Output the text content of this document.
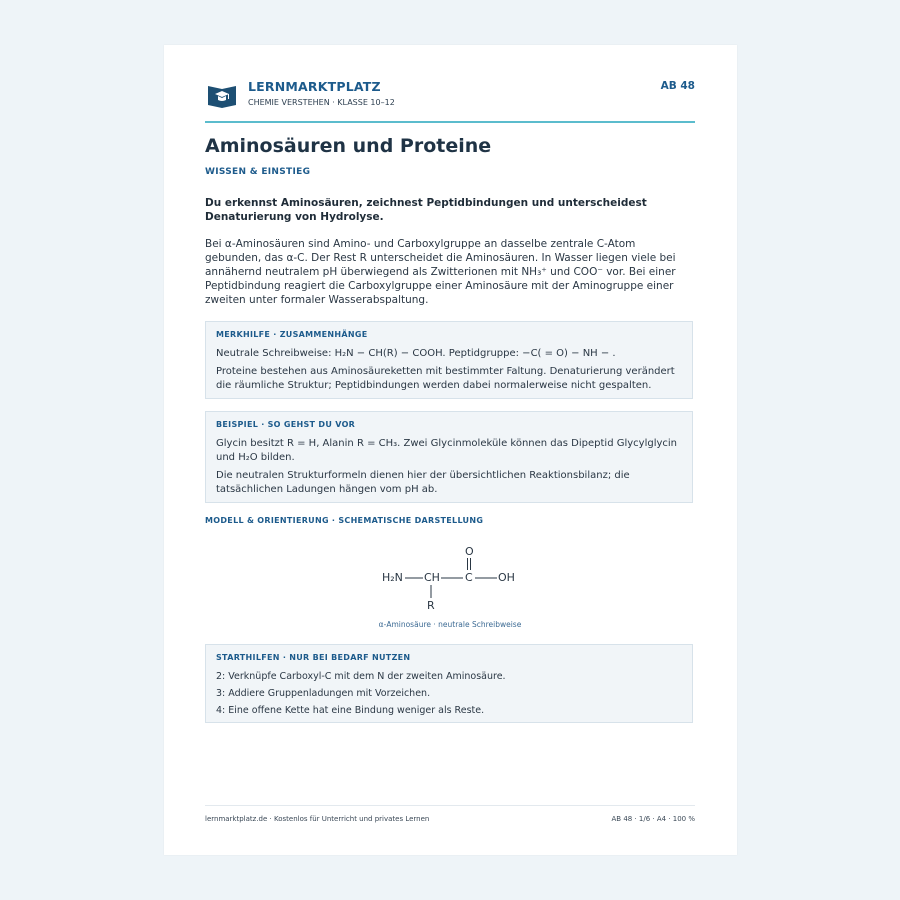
LERNMARKTPLATZ
CHEMIE VERSTEHEN · KLASSE 10–12
AB 48
Aminosäuren und Proteine
WISSEN & EINSTIEG
Du erkennst Aminosäuren, zeichnest Peptidbindungen und unterscheidest Denaturierung von Hydrolyse.
Bei α-Aminosäuren sind Amino- und Carboxylgruppe an dasselbe zentrale C-Atom gebunden, das α-C. Der Rest R unterscheidet die Aminosäuren. In Wasser liegen viele bei annähernd neutralem pH überwiegend als Zwitterionen mit NH₃⁺ und COO⁻ vor. Bei einer Peptidbindung reagiert die Carboxylgruppe einer Aminosäure mit der Aminogruppe einer zweiten unter formaler Wasserabspaltung.
MERKHILFE · ZUSAMMENHÄNGE
Neutrale Schreibweise: H₂N − CH(R) − COOH. Peptidgruppe: −C( = O) − NH − .
Proteine bestehen aus Aminosäureketten mit bestimmter Faltung. Denaturierung verändert die räumliche Struktur; Peptidbindungen werden dabei normalerweise nicht gespalten.
BEISPIEL · SO GEHST DU VOR
Glycin besitzt R = H, Alanin R = CH₃. Zwei Glycinmoleküle können das Dipeptid Glycylglycin und H₂O bilden.
Die neutralen Strukturformeln dienen hier der übersichtlichen Reaktionsbilanz; die tatsächlichen Ladungen hängen vom pH ab.
MODELL & ORIENTIERUNG · SCHEMATISCHE DARSTELLUNG
H₂N CH C OH
O
R
α-Aminosäure · neutrale Schreibweise
STARTHILFEN · NUR BEI BEDARF NUTZEN
2: Verknüpfe Carboxyl-C mit dem N der zweiten Aminosäure.
3: Addiere Gruppenladungen mit Vorzeichen.
4: Eine offene Kette hat eine Bindung weniger als Reste.
lernmarktplatz.de · Kostenlos für Unterricht und privates Lernen	AB 48 · 1/6 · A4 · 100 %
